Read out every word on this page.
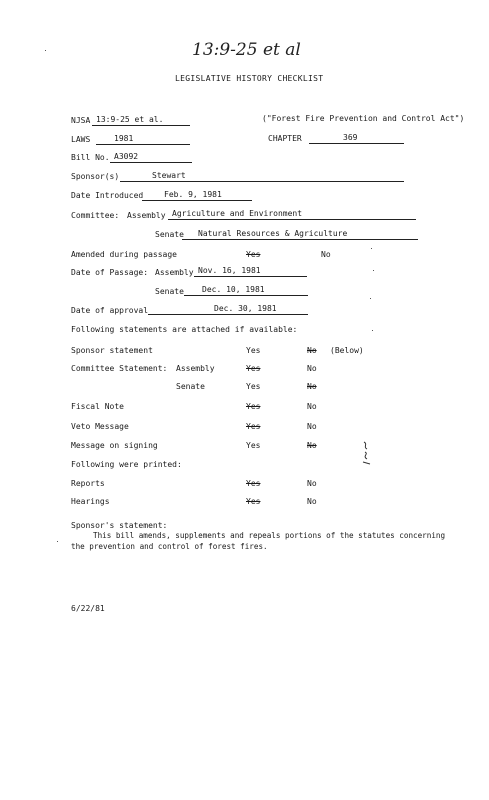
13:9-25 et al
LEGISLATIVE HISTORY CHECKLIST
NJSA 13:9-25 et al.	("Forest Fire Prevention and Control Act")
LAWS	1981	CHAPTER	369
Bill No. A3092
Sponsor(s)	Stewart
Date Introduced	Feb. 9, 1981
Committee: Assembly Agriculture and Environment
Senate	Natural Resources & Agriculture
Amended during passage	Yes	No
Date of Passage: Assembly Nov. 16, 1981
Senate	Dec. 10, 1981
Date of approval	Dec. 30, 1981
Following statements are attached if available:
Sponsor statement	Yes	No (Below)
Committee Statement: Assembly	Yes	No
Senate	Yes	No
Fiscal Note	Yes	No
Veto Message	Yes	No
Message on signing	Yes	No
Following were printed:
Reports	Yes	No
Hearings	Yes	No
Sponsor's statement:
This bill amends, supplements and repeals portions of the statutes concerning
the prevention and control of forest fires.
6/22/81
